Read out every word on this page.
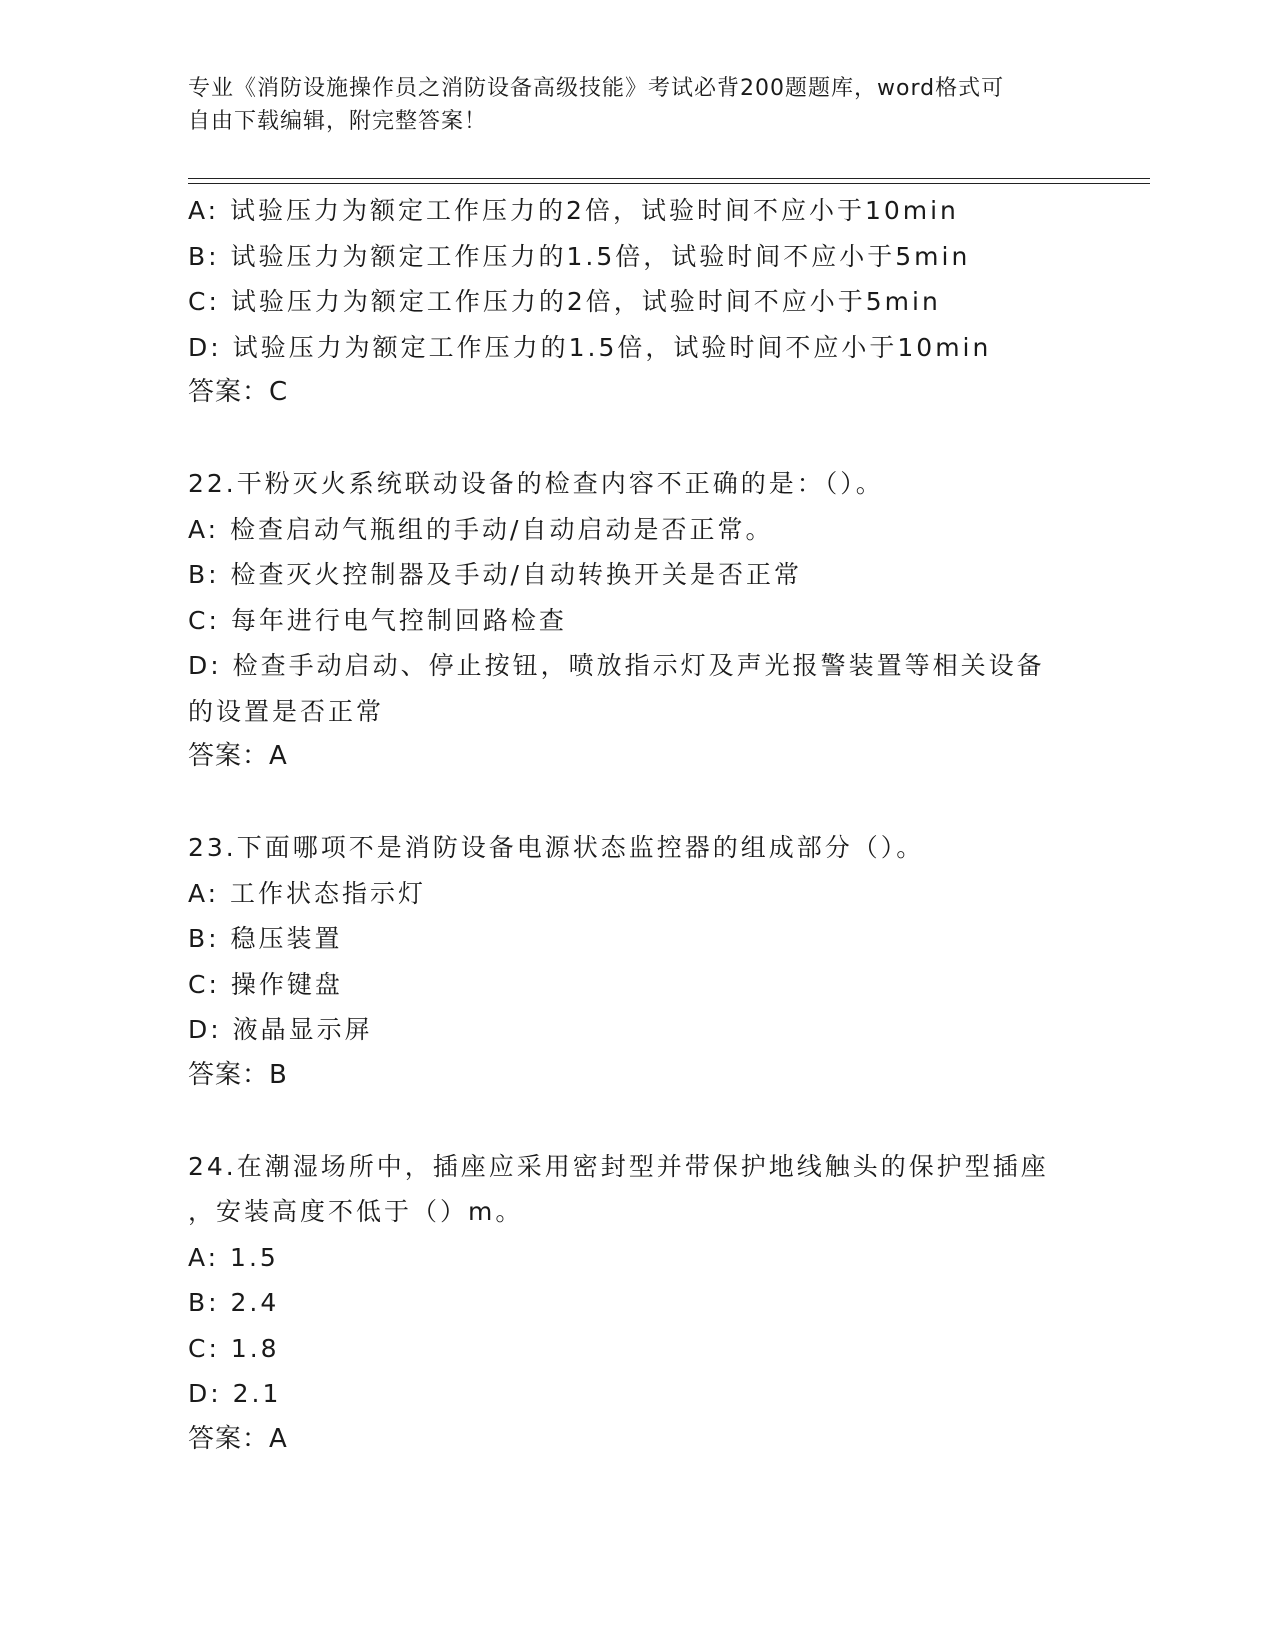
专业《消防设施操作员之消防设备高级技能》考试必背200题题库，word格式可
自由下载编辑，附完整答案！
A: 试验压力为额定工作压力的2倍，试验时间不应小于10min
B: 试验压力为额定工作压力的1.5倍，试验时间不应小于5min
C: 试验压力为额定工作压力的2倍，试验时间不应小于5min
D: 试验压力为额定工作压力的1.5倍，试验时间不应小于10min
答案：C
22.干粉灭火系统联动设备的检查内容不正确的是：（）。
A: 检查启动气瓶组的手动/自动启动是否正常。
B: 检查灭火控制器及手动/自动转换开关是否正常
C: 每年进行电气控制回路检查
D: 检查手动启动、停止按钮，喷放指示灯及声光报警装置等相关设备
的设置是否正常
答案：A
23.下面哪项不是消防设备电源状态监控器的组成部分（）。
A: 工作状态指示灯
B: 稳压装置
C: 操作键盘
D: 液晶显示屏
答案：B
24.在潮湿场所中，插座应采用密封型并带保护地线触头的保护型插座
，安装高度不低于（）m。
A: 1.5
B: 2.4
C: 1.8
D: 2.1
答案：A
